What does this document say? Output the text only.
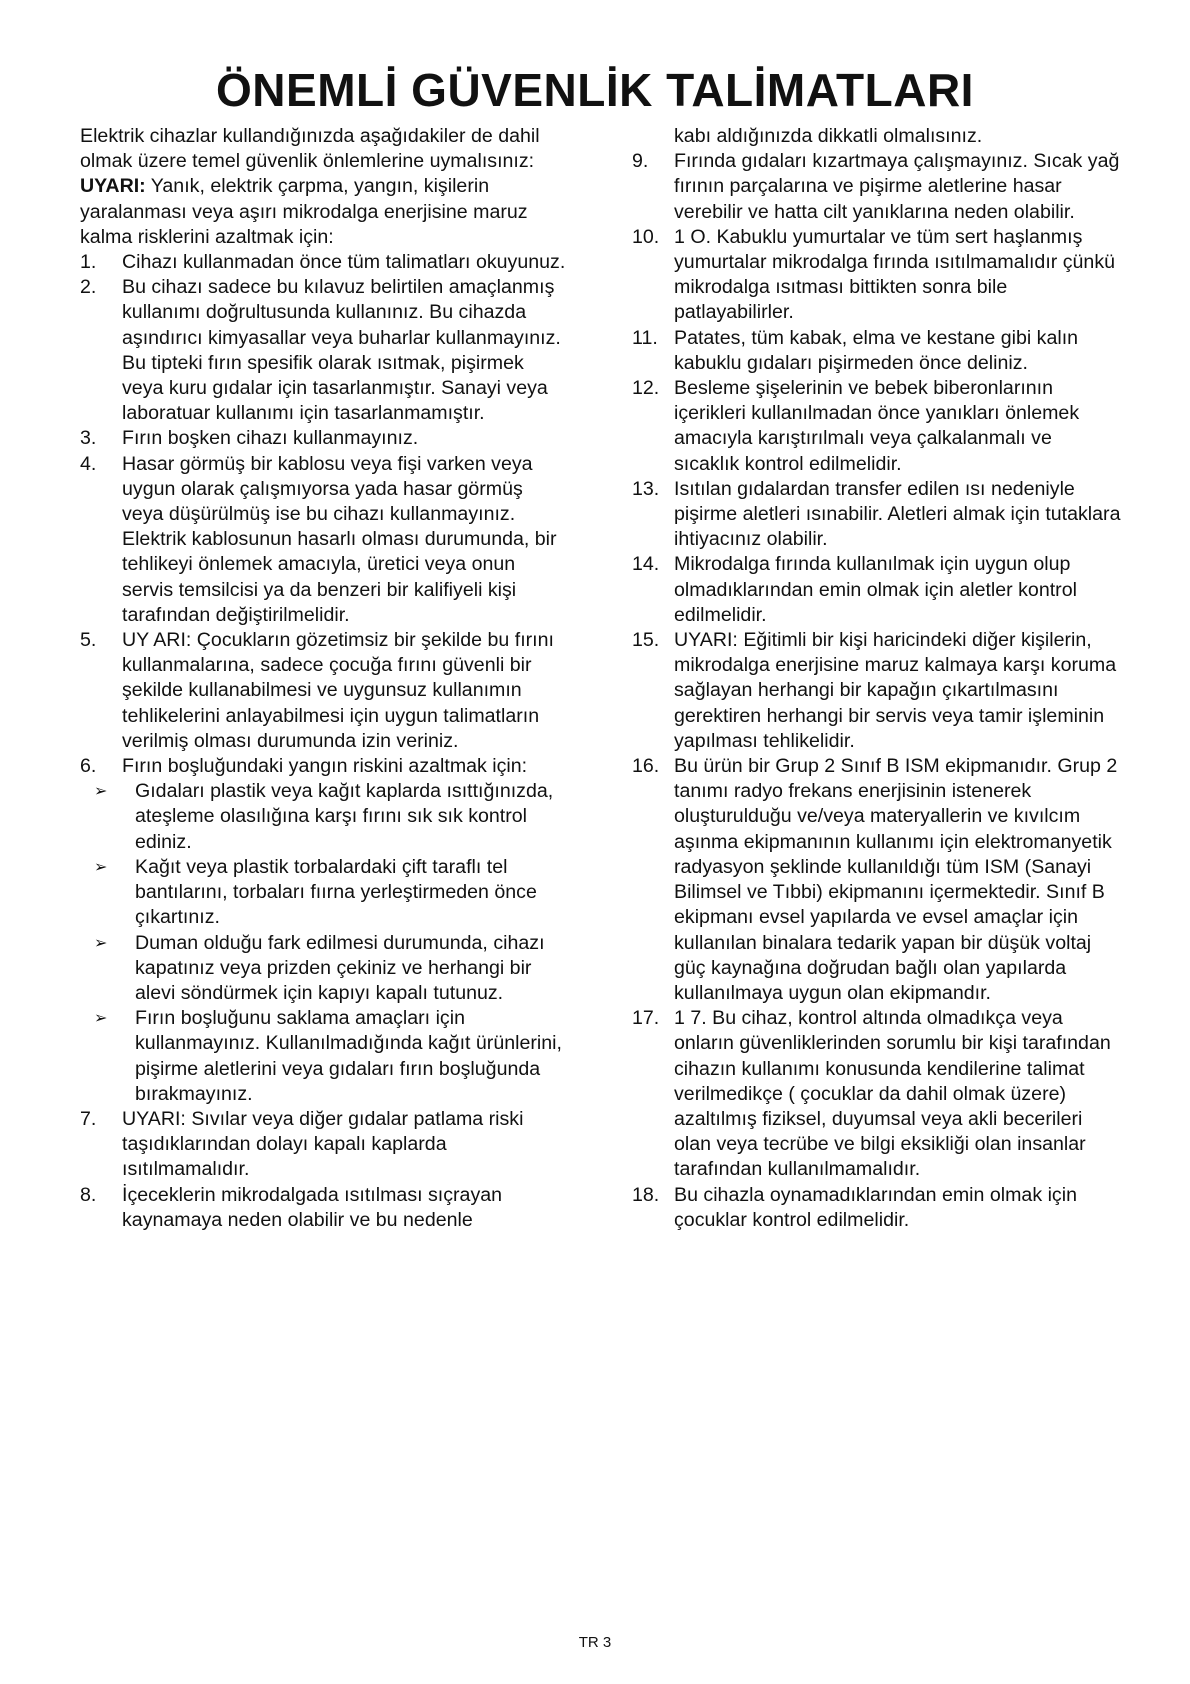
ÖNEMLİ GÜVENLİK TALİMATLARI

Elektrik cihazlar kullandığınızda aşağıdakiler de dahil olmak üzere temel güvenlik önlemlerine uymalısınız:

UYARI: Yanık, elektrik çarpma, yangın, kişilerin yaralanması veya aşırı mikrodalga enerjisine maruz kalma risklerini azaltmak için:

1.	Cihazı kullanmadan önce tüm talimatları okuyunuz.
2.	Bu cihazı sadece bu kılavuz belirtilen amaçlanmış kullanımı doğrultusunda kullanınız. Bu cihazda aşındırıcı kimyasallar veya buharlar kullanmayınız. Bu tipteki fırın spesifik olarak ısıtmak, pişirmek veya kuru gıdalar için tasarlanmıştır. Sanayi veya laboratuar kullanımı için tasarlanmamıştır.
3.	Fırın boşken cihazı kullanmayınız.
4.	Hasar görmüş bir kablosu veya fişi varken veya uygun olarak çalışmıyorsa yada hasar görmüş veya düşürülmüş ise bu cihazı kullanmayınız. Elektrik kablosunun hasarlı olması durumunda, bir tehlikeyi önlemek amacıyla, üretici veya onun servis temsilcisi ya da benzeri bir kalifiyeli kişi tarafından değiştirilmelidir.
5.	UY ARI: Çocukların gözetimsiz bir şekilde bu fırını kullanmalarına, sadece çocuğa fırını güvenli bir şekilde kullanabilmesi ve uygunsuz kullanımın tehlikelerini anlayabilmesi için uygun talimatların verilmiş olması durumunda izin veriniz.
6.	Fırın boşluğundaki yangın riskini azaltmak için:
➢	Gıdaları plastik veya kağıt kaplarda ısıttığınızda, ateşleme olasılığına karşı fırını sık sık kontrol ediniz.
➢	Kağıt veya plastik torbalardaki çift taraflı tel bantılarını, torbaları fıırna yerleştirmeden önce çıkartınız.
➢	Duman olduğu fark edilmesi durumunda, cihazı kapatınız veya prizden çekiniz ve herhangi bir alevi söndürmek için kapıyı kapalı tutunuz.
➢	Fırın boşluğunu saklama amaçları için kullanmayınız. Kullanılmadığında kağıt ürünlerini, pişirme aletlerini veya gıdaları fırın boşluğunda bırakmayınız.
7.	UYARI: Sıvılar veya diğer gıdalar patlama riski taşıdıklarından dolayı kapalı kaplarda ısıtılmamalıdır.
8.	İçeceklerin mikrodalgada ısıtılması sıçrayan kaynamaya neden olabilir ve bu nedenle

kabı aldığınızda dikkatli olmalısınız.

9.	Fırında gıdaları kızartmaya çalışmayınız. Sıcak yağ fırının parçalarına ve pişirme aletlerine hasar verebilir ve hatta cilt yanıklarına neden olabilir.
10. 1 O. Kabuklu yumurtalar ve tüm sert haşlanmış yumurtalar mikrodalga fırında ısıtılmamalıdır çünkü mikrodalga ısıtması bittikten sonra bile patlayabilirler.
11. Patates, tüm kabak, elma ve kestane gibi kalın kabuklu gıdaları pişirmeden önce deliniz.
12. Besleme şişelerinin ve bebek biberonlarının içerikleri kullanılmadan önce yanıkları önlemek amacıyla karıştırılmalı veya çalkalanmalı ve sıcaklık kontrol edilmelidir.
13. Isıtılan gıdalardan transfer edilen ısı nedeniyle pişirme aletleri ısınabilir. Aletleri almak için tutaklara ihtiyacınız olabilir.
14. Mikrodalga fırında kullanılmak için uygun olup olmadıklarından emin olmak için aletler kontrol edilmelidir.
15. UYARI: Eğitimli bir kişi haricindeki diğer kişilerin, mikrodalga enerjisine maruz kalmaya karşı koruma sağlayan herhangi bir kapağın çıkartılmasını gerektiren herhangi bir servis veya tamir işleminin yapılması tehlikelidir.
16. Bu ürün bir Grup 2 Sınıf B ISM ekipmanıdır. Grup 2 tanımı radyo frekans enerjisinin istenerek oluşturulduğu ve/veya materyallerin ve kıvılcım aşınma ekipmanının kullanımı için elektromanyetik radyasyon şeklinde kullanıldığı tüm ISM (Sanayi Bilimsel ve Tıbbi) ekipmanını içermektedir. Sınıf B ekipmanı evsel yapılarda ve evsel amaçlar için kullanılan binalara tedarik yapan bir düşük voltaj güç kaynağına doğrudan bağlı olan yapılarda kullanılmaya uygun olan ekipmandır.
17. 1 7. Bu cihaz, kontrol altında olmadıkça veya onların güvenliklerinden sorumlu bir kişi tarafından cihazın kullanımı konusunda kendilerine talimat verilmedikçe ( çocuklar da dahil olmak üzere) azaltılmış fiziksel, duyumsal veya akli becerileri olan veya tecrübe ve bilgi eksikliği olan insanlar tarafından kullanılmamalıdır.
18. Bu cihazla oynamadıklarından emin olmak için çocuklar kontrol edilmelidir.
TR 3
